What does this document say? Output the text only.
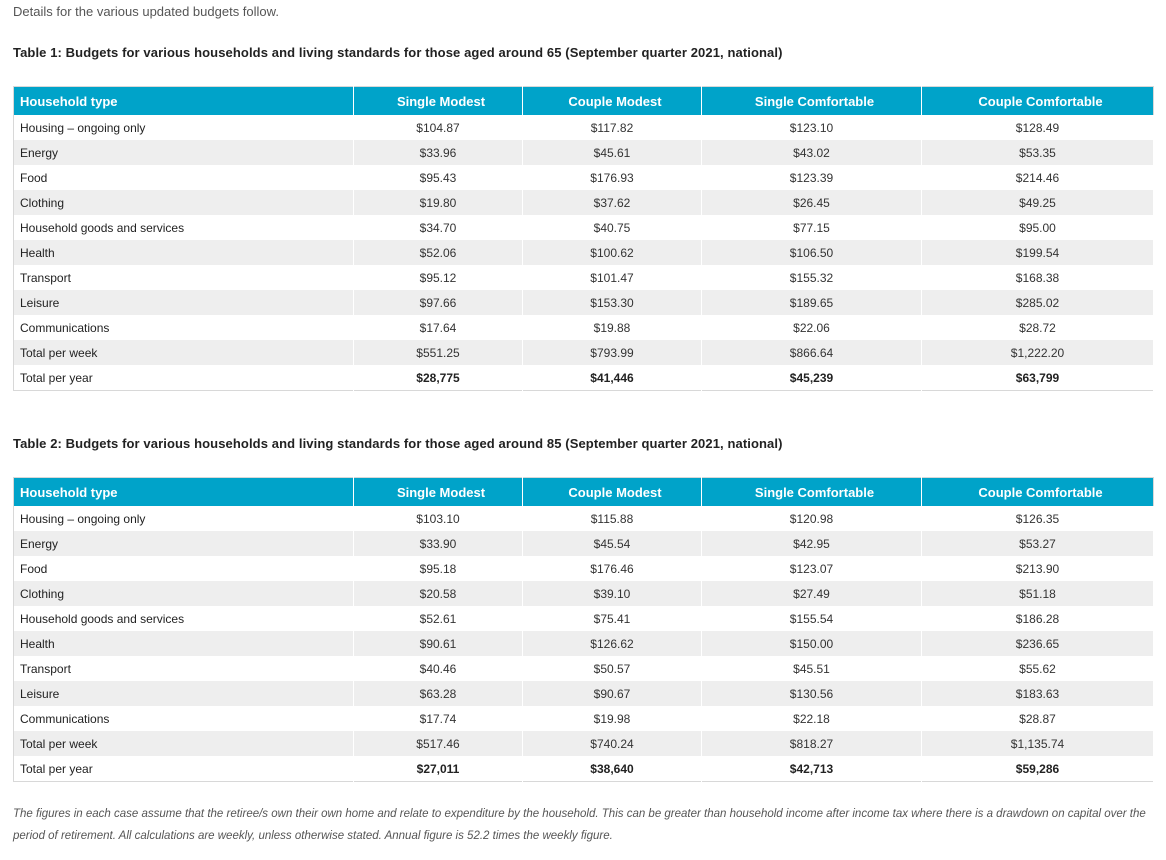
Details for the various updated budgets follow.
Table 1: Budgets for various households and living standards for those aged around 65 (September quarter 2021, national)
Household type	Single Modest	Couple Modest	Single Comfortable	Couple Comfortable
Housing – ongoing only	$104.87	$117.82	$123.10	$128.49
Energy	$33.96	$45.61	$43.02	$53.35
Food	$95.43	$176.93	$123.39	$214.46
Clothing	$19.80	$37.62	$26.45	$49.25
Household goods and services	$34.70	$40.75	$77.15	$95.00
Health	$52.06	$100.62	$106.50	$199.54
Transport	$95.12	$101.47	$155.32	$168.38
Leisure	$97.66	$153.30	$189.65	$285.02
Communications	$17.64	$19.88	$22.06	$28.72
Total per week	$551.25	$793.99	$866.64	$1,222.20
Total per year	$28,775	$41,446	$45,239	$63,799
Table 2: Budgets for various households and living standards for those aged around 85 (September quarter 2021, national)
Household type	Single Modest	Couple Modest	Single Comfortable	Couple Comfortable
Housing – ongoing only	$103.10	$115.88	$120.98	$126.35
Energy	$33.90	$45.54	$42.95	$53.27
Food	$95.18	$176.46	$123.07	$213.90
Clothing	$20.58	$39.10	$27.49	$51.18
Household goods and services	$52.61	$75.41	$155.54	$186.28
Health	$90.61	$126.62	$150.00	$236.65
Transport	$40.46	$50.57	$45.51	$55.62
Leisure	$63.28	$90.67	$130.56	$183.63
Communications	$17.74	$19.98	$22.18	$28.87
Total per week	$517.46	$740.24	$818.27	$1,135.74
Total per year	$27,011	$38,640	$42,713	$59,286
The figures in each case assume that the retiree/s own their own home and relate to expenditure by the household. This can be greater than household income after income tax where there is a drawdown on capital over the period of retirement. All calculations are weekly, unless otherwise stated. Annual figure is 52.2 times the weekly figure.
